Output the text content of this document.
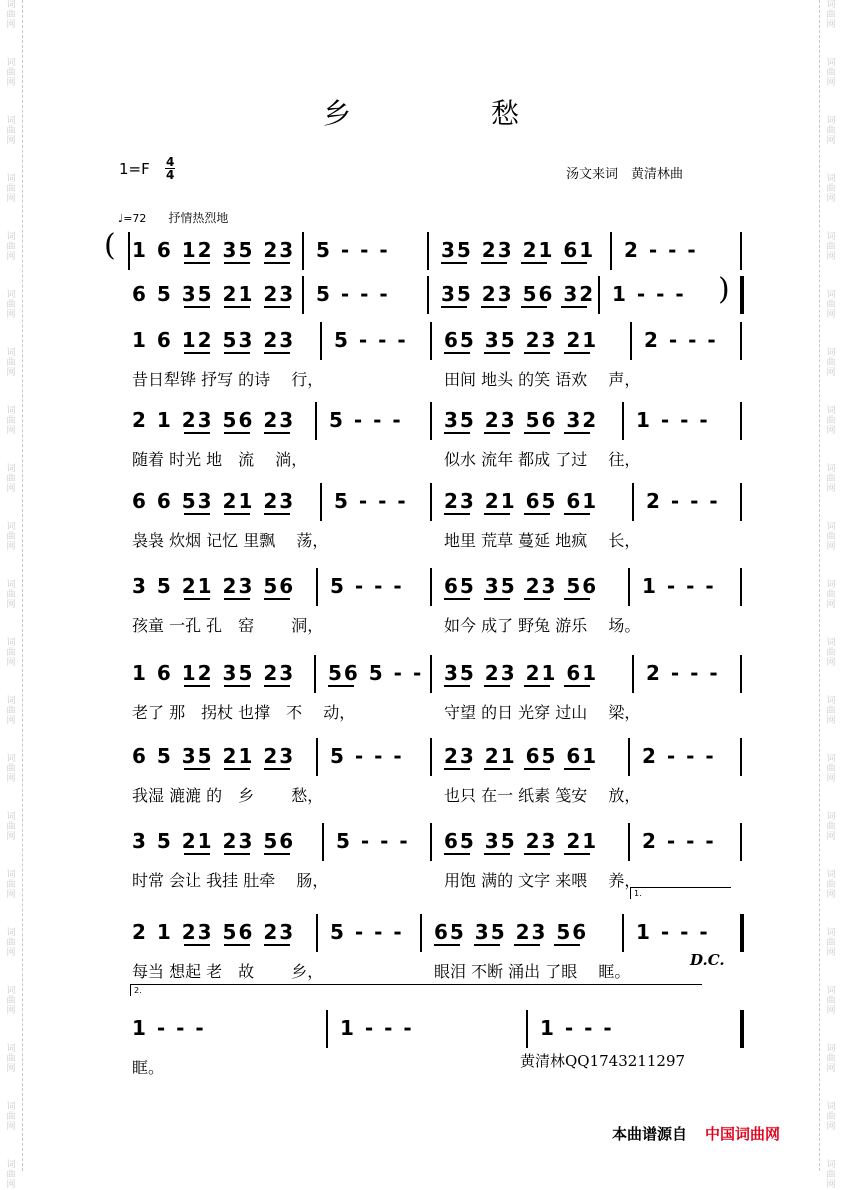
词
曲
网
词
曲
网
词
曲
网
词
曲
网
词
曲
网
词
曲
网
词
曲
网
词
曲
网
词
曲
网
词
曲
网
词
曲
网
词
曲
网
词
曲
网
词
曲
网
词
曲
网
词
曲
网
词
曲
网
词
曲
网
词
曲
网
词
曲
网
词
曲
网
词
曲
网
词
曲
网
词
曲
网
词
曲
网
词
曲
网
词
曲
网
词
曲
网
词
曲
网
词
曲
网
词
曲
网
词
曲
网
词
曲
网
词
曲
网
词
曲
网
词
曲
网
词
曲
网
词
曲
网
词
曲
网
词
曲
网
词
曲
网
词
曲
网
乡	愁
$1=F \frac{4}{4}$	汤文来词　黄清林曲
♩=72 抒情热烈地
( 1 6 12 35 23 5 - - -	35 23 21 61 2 - - -
)
6 5 35 21 23 5 - - -	35 23 56 32 1 - - -
1 6 12 53 23
昔日犁铧 抒写 的诗　 行，
5 - - - 65 35 23 21
田间 地头 的笑 语欢　 声，
2 - - -
2 1 23 56 23
随着 时光 地　流　 淌，
5 - - - 35 23 56 32
似水 流年 都成 了过　 往，
1 - - -
6 6 53 21 23
袅袅 炊烟 记忆 里飘　 荡，
5 - - - 23 21 65 61
地里 荒草 蔓延 地疯　 长，
2 - - -
3 5 21 23 56
孩童 一孔 孔　窑　　 洞，
5 - - - 65 35 23 56
如今 成了 野兔 游乐　 场。
1 - - -
1 6 12 35 23
老了 那　拐杖 也撑　不　 动，
56 5 - - 35 23 21 61
守望 的日 光穿 过山　 梁，
2 - - -
6 5 35 21 23
我湿 漉漉 的　乡　　 愁，
5 - - - 23 21 65 61
也只 在一 纸素 笺安　 放，
2 - - -
3 5 21 23 56
时常 会让 我挂 肚牵　 肠，
5 - - - 65 35 23 21
用饱 满的 文字 来喂　 养，
2 - - -
2 1 23 56 23
每当 想起 老　故　　 乡，
5 - - - 65 35 23 56
眼泪 不断 涌出 了眼　 眶。
1 - - -
1 - - -
眶。
1 - - -	1 - - -
1.
2.
D.C.
黄清林QQ1743211297
本曲谱源自 中国词曲网
